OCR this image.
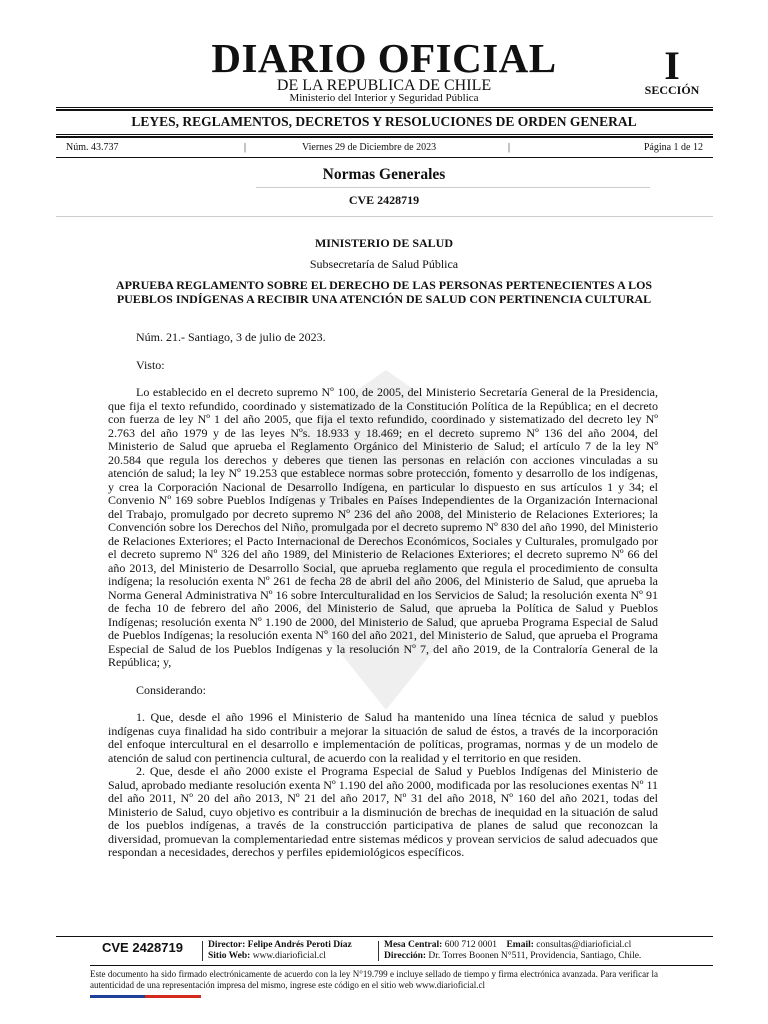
DIARIO OFICIAL
DE LA REPUBLICA DE CHILE
Ministerio del Interior y Seguridad Pública
I
SECCIÓN
LEYES, REGLAMENTOS, DECRETOS Y RESOLUCIONES DE ORDEN GENERAL
Núm. 43.737	|	Viernes 29 de Diciembre de 2023	|	Página 1 de 12
Normas Generales
CVE 2428719
MINISTERIO DE SALUD
Subsecretaría de Salud Pública
APRUEBA REGLAMENTO SOBRE EL DERECHO DE LAS PERSONAS PERTENECIENTES A LOS PUEBLOS INDÍGENAS A RECIBIR UNA ATENCIÓN DE SALUD CON PERTINENCIA CULTURAL

Núm. 21.- Santiago, 3 de julio de 2023.

Visto:

Lo establecido en el decreto supremo Nº 100, de 2005, del Ministerio Secretaría General de la Presidencia, que fija el texto refundido, coordinado y sistematizado de la Constitución Política de la República; en el decreto con fuerza de ley Nº 1 del año 2005, que fija el texto refundido, coordinado y sistematizado del decreto ley Nº 2.763 del año 1979 y de las leyes Nºs. 18.933 y 18.469; en el decreto supremo Nº 136 del año 2004, del Ministerio de Salud que aprueba el Reglamento Orgánico del Ministerio de Salud; el artículo 7 de la ley Nº 20.584 que regula los derechos y deberes que tienen las personas en relación con acciones vinculadas a su atención de salud; la ley Nº 19.253 que establece normas sobre protección, fomento y desarrollo de los indígenas, y crea la Corporación Nacional de Desarrollo Indígena, en particular lo dispuesto en sus artículos 1 y 34; el Convenio Nº 169 sobre Pueblos Indígenas y Tribales en Países Independientes de la Organización Internacional del Trabajo, promulgado por decreto supremo Nº 236 del año 2008, del Ministerio de Relaciones Exteriores; la Convención sobre los Derechos del Niño, promulgada por el decreto supremo Nº 830 del año 1990, del Ministerio de Relaciones Exteriores; el Pacto Internacional de Derechos Económicos, Sociales y Culturales, promulgado por el decreto supremo Nº 326 del año 1989, del Ministerio de Relaciones Exteriores; el decreto supremo Nº 66 del año 2013, del Ministerio de Desarrollo Social, que aprueba reglamento que regula el procedimiento de consulta indígena; la resolución exenta Nº 261 de fecha 28 de abril del año 2006, del Ministerio de Salud, que aprueba la Norma General Administrativa Nº 16 sobre Interculturalidad en los Servicios de Salud; la resolución exenta Nº 91 de fecha 10 de febrero del año 2006, del Ministerio de Salud, que aprueba la Política de Salud y Pueblos Indígenas; resolución exenta Nº 1.190 de 2000, del Ministerio de Salud, que aprueba Programa Especial de Salud de Pueblos Indígenas; la resolución exenta Nº 160 del año 2021, del Ministerio de Salud, que aprueba el Programa Especial de Salud de los Pueblos Indígenas y la resolución Nº 7, del año 2019, de la Contraloría General de la República; y,

Considerando:

1. Que, desde el año 1996 el Ministerio de Salud ha mantenido una línea técnica de salud y pueblos indígenas cuya finalidad ha sido contribuir a mejorar la situación de salud de éstos, a través de la incorporación del enfoque intercultural en el desarrollo e implementación de políticas, programas, normas y de un modelo de atención de salud con pertinencia cultural, de acuerdo con la realidad y el territorio en que residen.

2. Que, desde el año 2000 existe el Programa Especial de Salud y Pueblos Indígenas del Ministerio de Salud, aprobado mediante resolución exenta Nº 1.190 del año 2000, modificada por las resoluciones exentas Nº 11 del año 2011, Nº 20 del año 2013, Nº 21 del año 2017, Nº 31 del año 2018, Nº 160 del año 2021, todas del Ministerio de Salud, cuyo objetivo es contribuir a la disminución de brechas de inequidad en la situación de salud de los pueblos indígenas, a través de la construcción participativa de planes de salud que reconozcan la diversidad, promuevan la complementariedad entre sistemas médicos y provean servicios de salud adecuados que respondan a necesidades, derechos y perfiles epidemiológicos específicos.

CVE 2428719	Director: Felipe Andrés Peroti Díaz
Sitio Web: www.diarioficial.cl
Mesa Central: 600 712 0001 Email: consultas@diarioficial.cl
Dirección: Dr. Torres Boonen N°511, Providencia, Santiago, Chile.
Este documento ha sido firmado electrónicamente de acuerdo con la ley N°19.799 e incluye sellado de tiempo y firma electrónica avanzada. Para verificar la autenticidad de una representación impresa del mismo, ingrese este código en el sitio web www.diarioficial.cl
